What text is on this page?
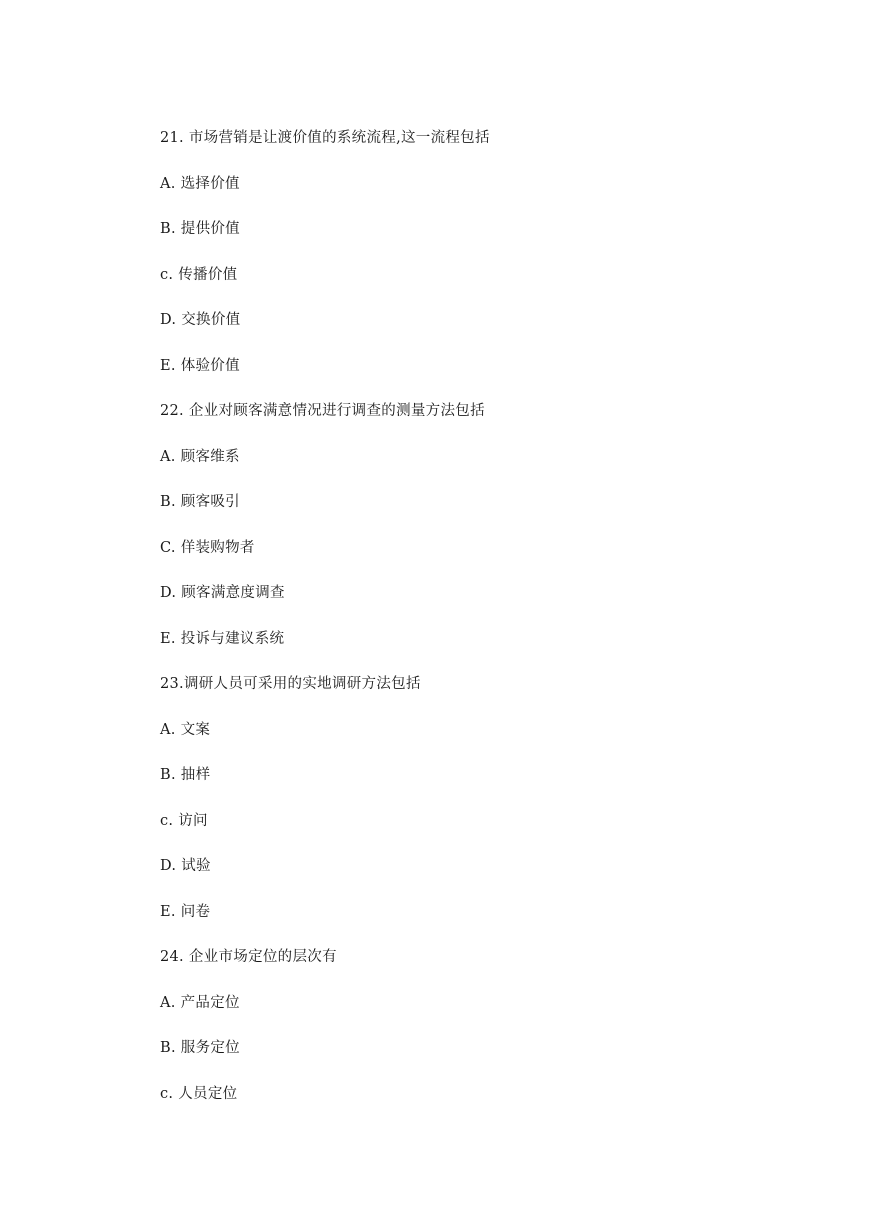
21. 市场营销是让渡价值的系统流程,这一流程包括
A. 选择价值
B. 提供价值
c. 传播价值
D. 交换价值
E. 体验价值
22. 企业对顾客满意情况进行调查的测量方法包括
A. 顾客维系
B. 顾客吸引
C. 佯装购物者
D. 顾客满意度调查
E. 投诉与建议系统
23.调研人员可采用的实地调研方法包括
A. 文案
B. 抽样
c. 访问
D. 试验
E. 问卷
24. 企业市场定位的层次有
A. 产品定位
B. 服务定位
c. 人员定位
